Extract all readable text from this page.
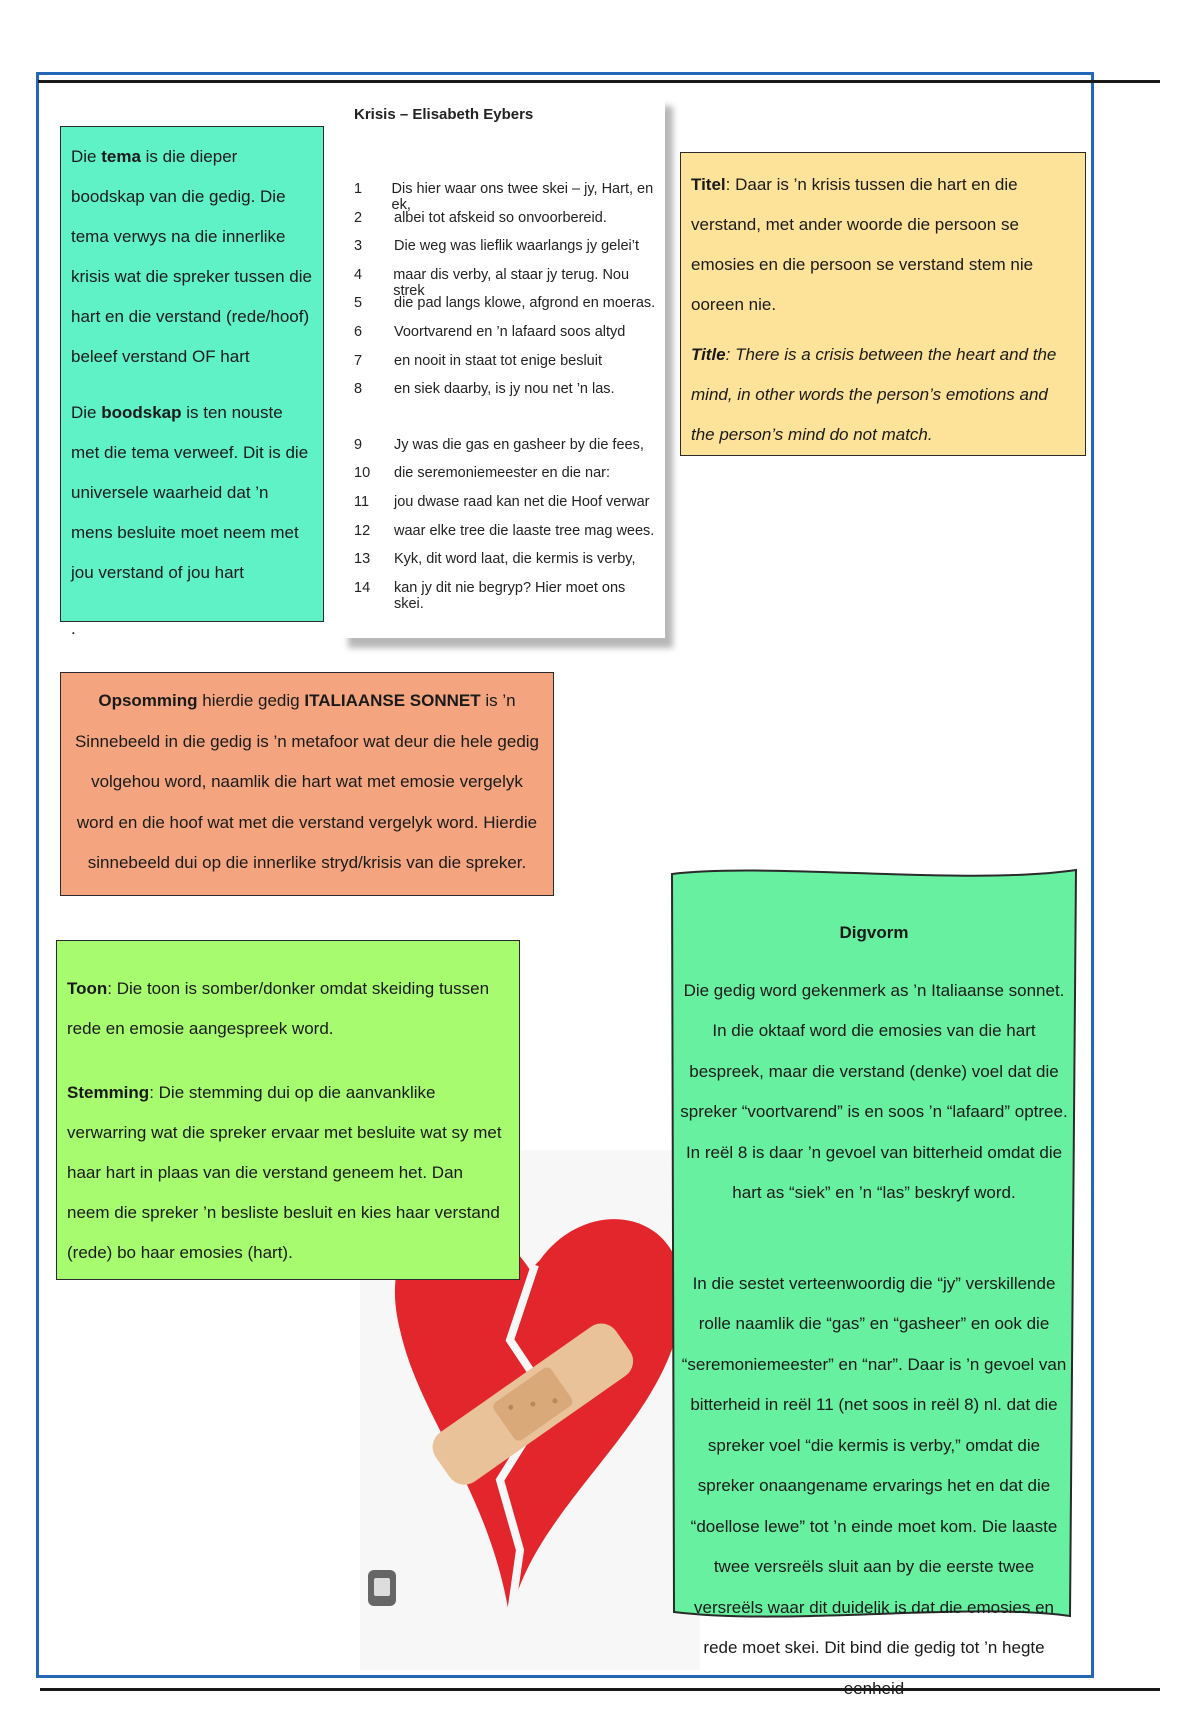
Die tema is die dieper boodskap van die gedig. Die tema verwys na die innerlike krisis wat die spreker tussen die hart en die verstand (rede/hoof) beleef verstand OF hart

Die boodskap is ten nouste met die tema verweef. Dit is die universele waarheid dat ’n mens besluite moet neem met jou verstand of jou hart

.

Krisis – Elisabeth Eybers
1	Dis hier waar ons twee skei – jy, Hart, en ek,
2	albei tot afskeid so onvoorbereid.
3	Die weg was lieflik waarlangs jy gelei’t
4	maar dis verby, al staar jy terug. Nou strek
5	die pad langs klowe, afgrond en moeras.
6	Voortvarend en ’n lafaard soos altyd
7	en nooit in staat tot enige besluit
8	en siek daarby, is jy nou net ’n las.
9	Jy was die gas en gasheer by die fees,
10	die seremoniemeester en die nar:
11	jou dwase raad kan net die Hoof verwar
12	waar elke tree die laaste tree mag wees.
13	Kyk, dit word laat, die kermis is verby,
14	kan jy dit nie begryp? Hier moet ons skei.

Titel: Daar is ’n krisis tussen die hart en die verstand, met ander woorde die persoon se emosies en die persoon se verstand stem nie ooreen nie.

Title: There is a crisis between the heart and the mind, in other words the person’s emotions and the person’s mind do not match.

Opsomming hierdie gedig ITALIAANSE SONNET is ’n Sinnebeeld in die gedig is ’n metafoor wat deur die hele gedig volgehou word, naamlik die hart wat met emosie vergelyk word en die hoof wat met die verstand vergelyk word. Hierdie sinnebeeld dui op die innerlike stryd/krisis van die spreker.

Toon: Die toon is somber/donker omdat skeiding tussen rede en emosie aangespreek word.

Stemming: Die stemming dui op die aanvanklike verwarring wat die spreker ervaar met besluite wat sy met haar hart in plaas van die verstand geneem het. Dan neem die spreker ’n besliste besluit en kies haar verstand (rede) bo haar emosies (hart).

Digvorm

Die gedig word gekenmerk as ’n Italiaanse sonnet. In die oktaaf word die emosies van die hart bespreek, maar die verstand (denke) voel dat die spreker “voortvarend” is en soos ’n “lafaard” optree. In reël 8 is daar ’n gevoel van bitterheid omdat die hart as “siek” en ’n “las” beskryf word.

In die sestet verteenwoordig die “jy” verskillende rolle naamlik die “gas” en “gasheer” en ook die “seremoniemeester” en “nar”. Daar is ’n gevoel van bitterheid in reël 11 (net soos in reël 8) nl. dat die spreker voel “die kermis is verby,” omdat die spreker onaangename ervarings het en dat die “doellose lewe” tot ’n einde moet kom. Die laaste twee versreëls sluit aan by die eerste twee versreëls waar dit duidelik is dat die emosies en rede moet skei. Dit bind die gedig tot ’n hegte
